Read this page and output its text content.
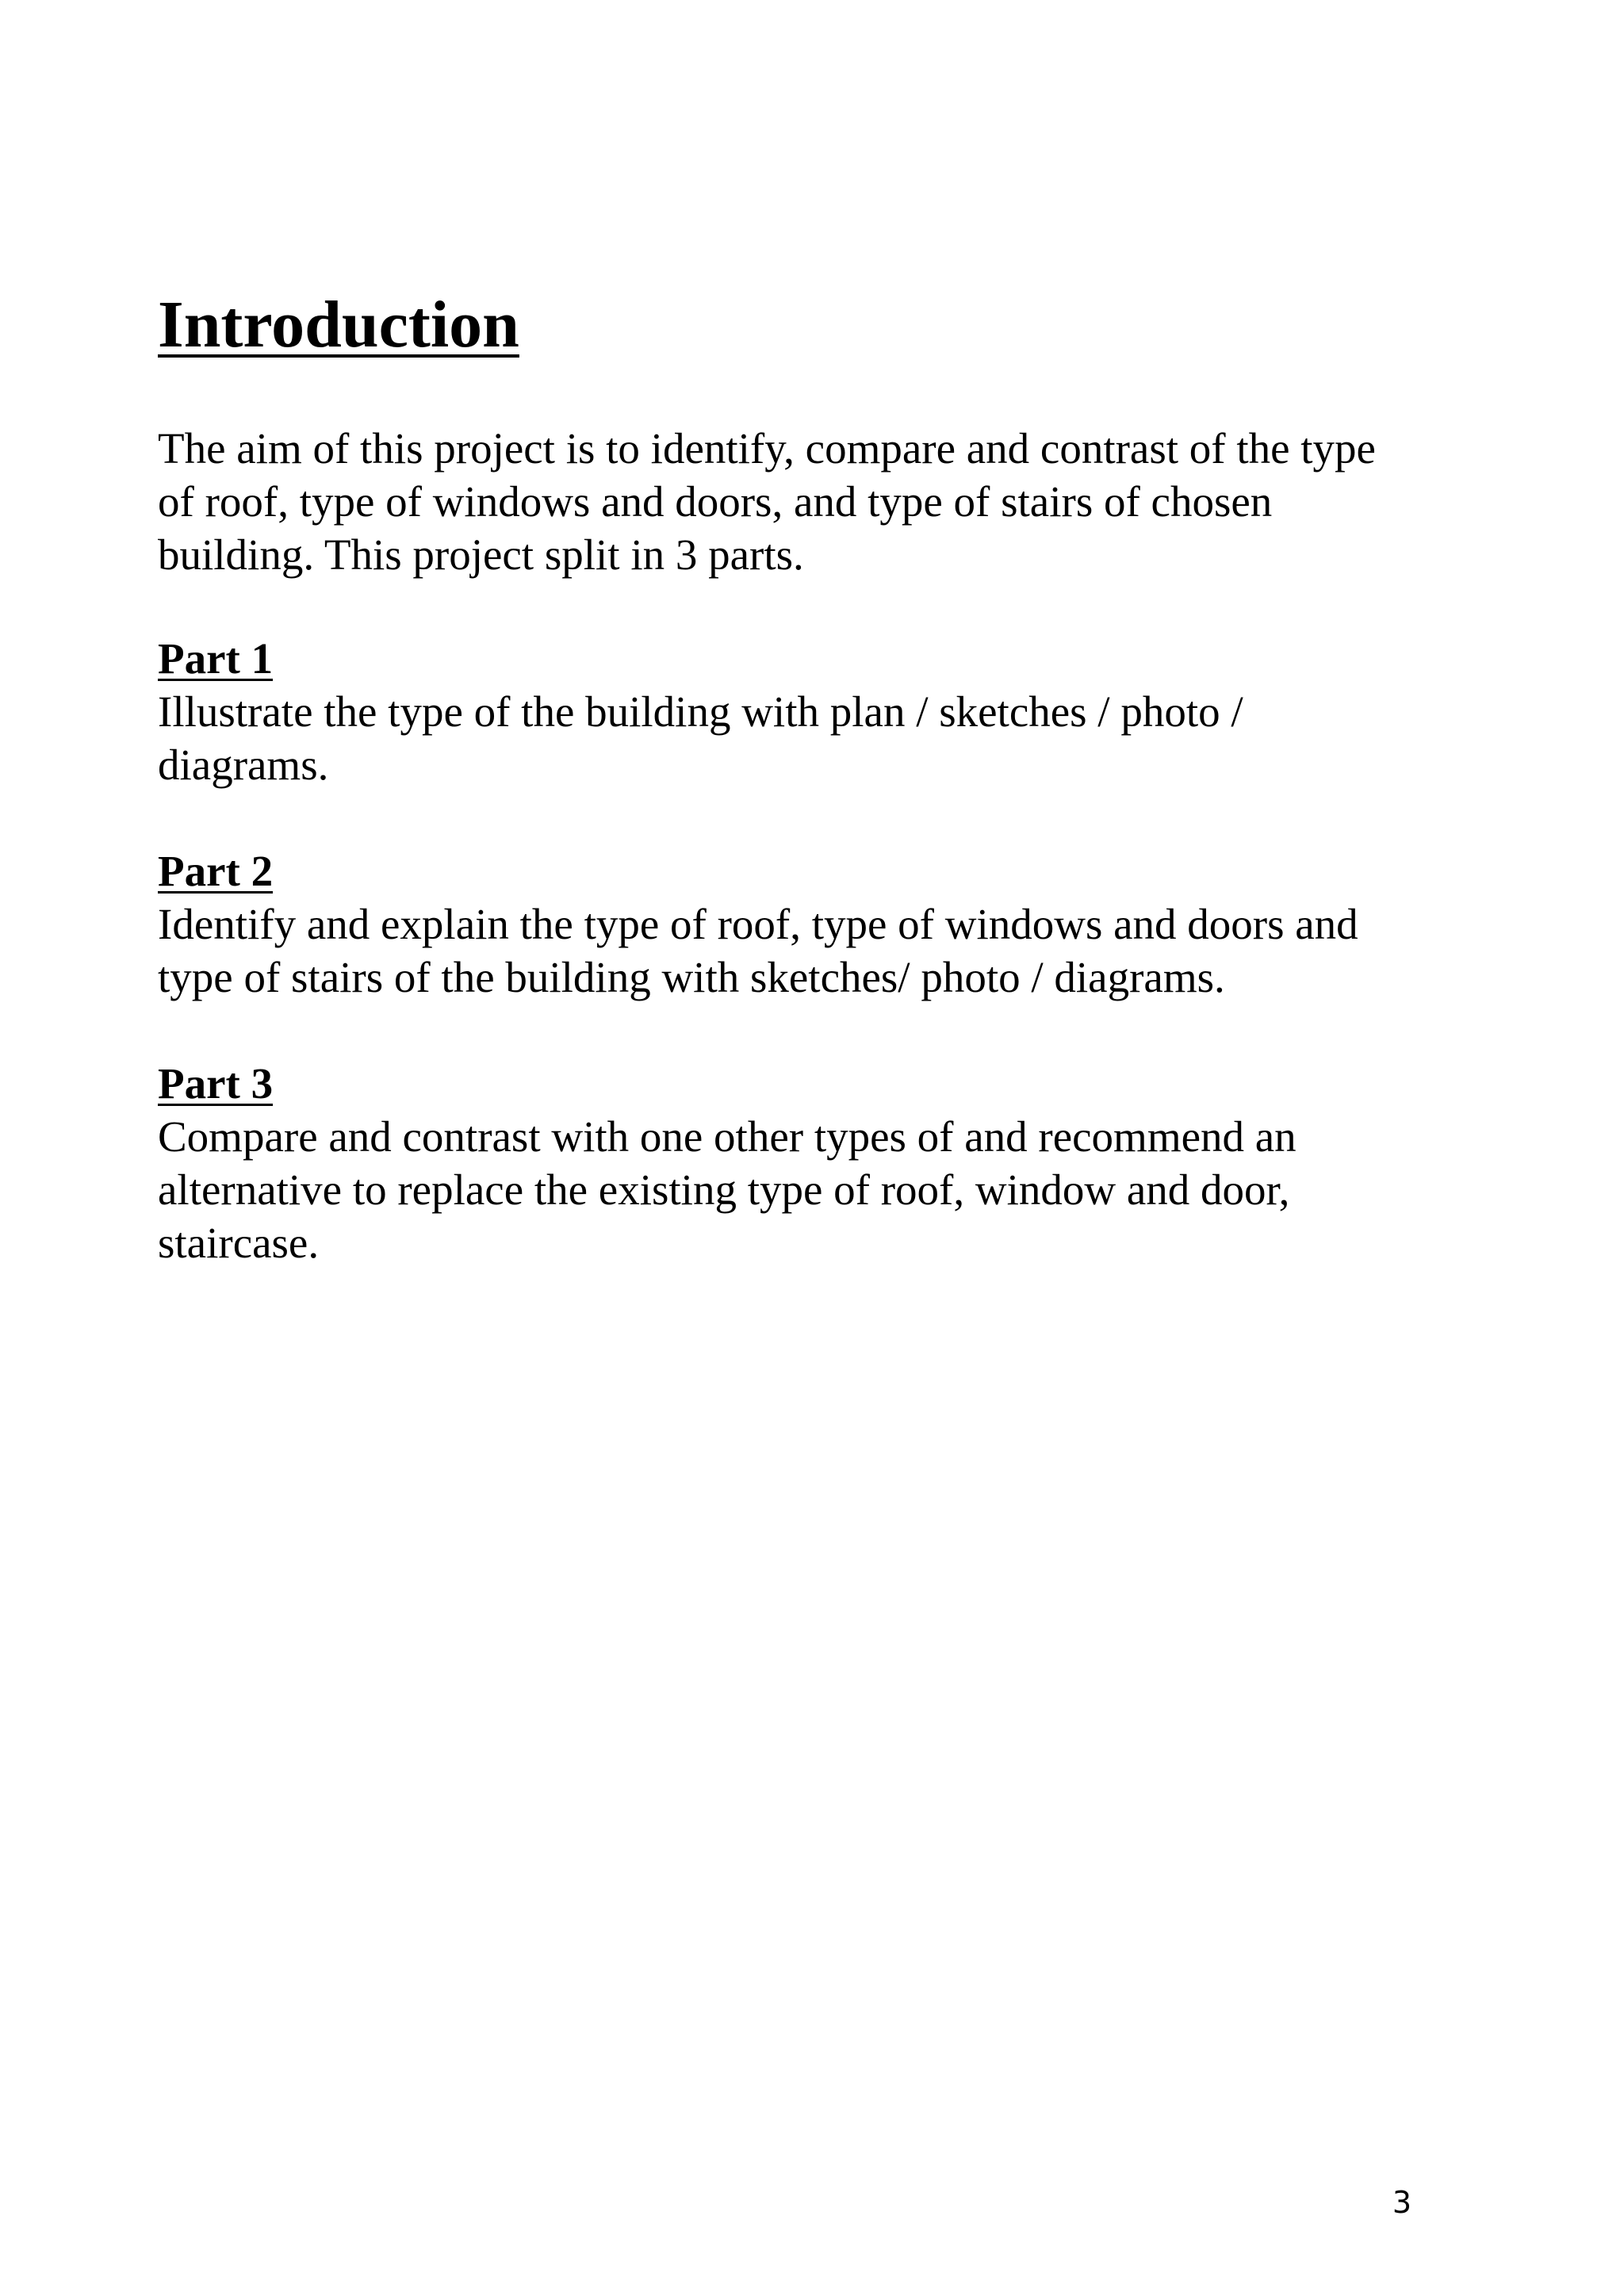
Introduction

The aim of this project is to identify, compare and contrast of the type
of roof, type of windows and doors, and type of stairs of chosen
building. This project split in 3 parts.

Part 1

Illustrate the type of the building with plan / sketches / photo /
diagrams.

Part 2

Identify and explain the type of roof, type of windows and doors and
type of stairs of the building with sketches/ photo / diagrams.

Part 3

Compare and contrast with one other types of and recommend an
alternative to replace the existing type of roof, window and door,
staircase.

3
